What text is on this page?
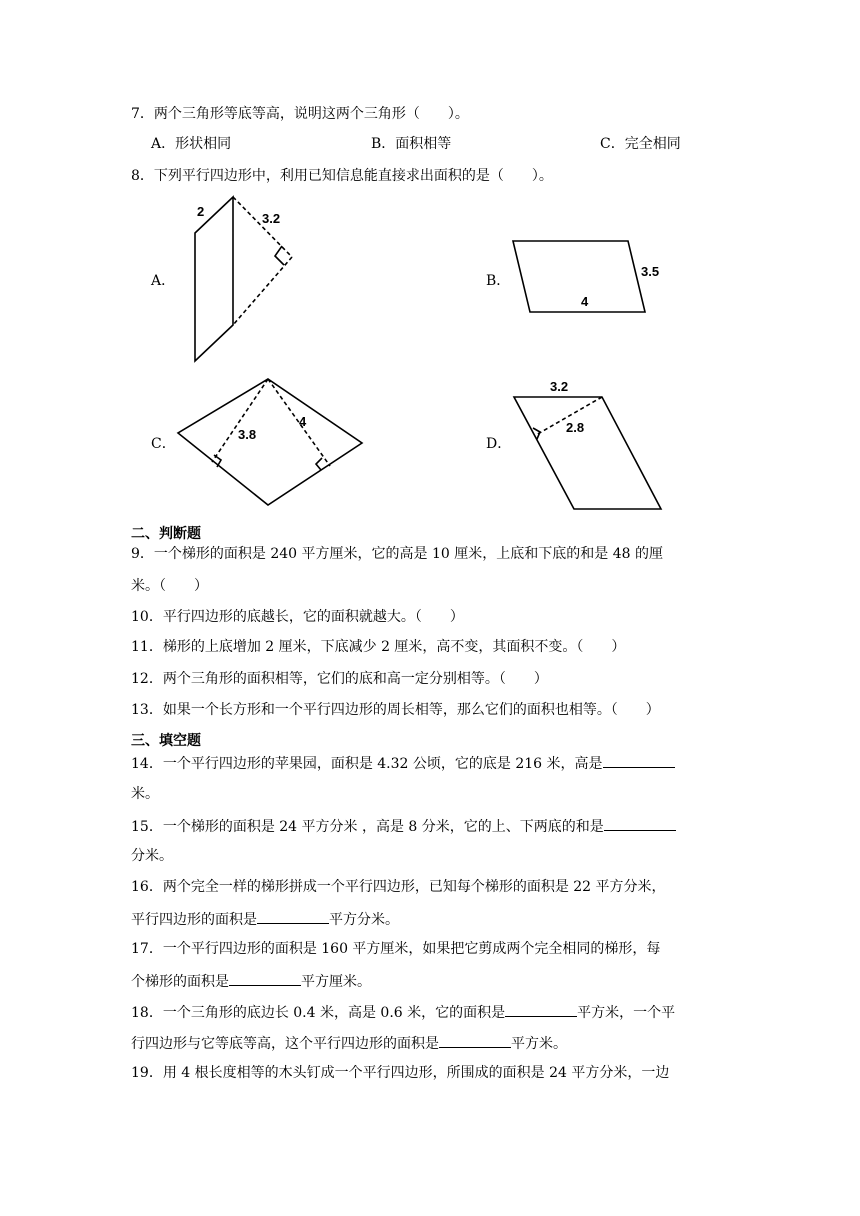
7．两个三角形等底等高，说明这两个三角形（　　）。
A．形状相同	B．面积相等	C．完全相同
8．下列平行四边形中，利用已知信息能直接求出面积的是（　　）。
A．	B．
C．	D．
2	3.2
3.5
4
3.8
4
3.2
2.8
二、判断题
9．一个梯形的面积是 240 平方厘米，它的高是 10 厘米，上底和下底的和是 48 的厘
米。（　　）
10．平行四边形的底越长，它的面积就越大。（　　）
11．梯形的上底增加 2 厘米，下底减少 2 厘米，高不变，其面积不变。（　　）
12．两个三角形的面积相等，它们的底和高一定分别相等。（　　）
13．如果一个长方形和一个平行四边形的周长相等，那么它们的面积也相等。（　　）
三、填空题
14．一个平行四边形的苹果园，面积是 4.32 公顷，它的底是 216 米，高是
米。
15．一个梯形的面积是 24 平方分米 ，高是 8 分米，它的上、下两底的和是
分米。
16．两个完全一样的梯形拼成一个平行四边形，已知每个梯形的面积是 22 平方分米，
平行四边形的面积是	平方分米。
17．一个平行四边形的面积是 160 平方厘米，如果把它剪成两个完全相同的梯形，每
个梯形的面积是	平方厘米。
18．一个三角形的底边长 0.4 米，高是 0.6 米，它的面积是	平方米，一个平
行四边形与它等底等高，这个平行四边形的面积是	平方米。
19．用 4 根长度相等的木头钉成一个平行四边形，所围成的面积是 24 平方分米，一边
